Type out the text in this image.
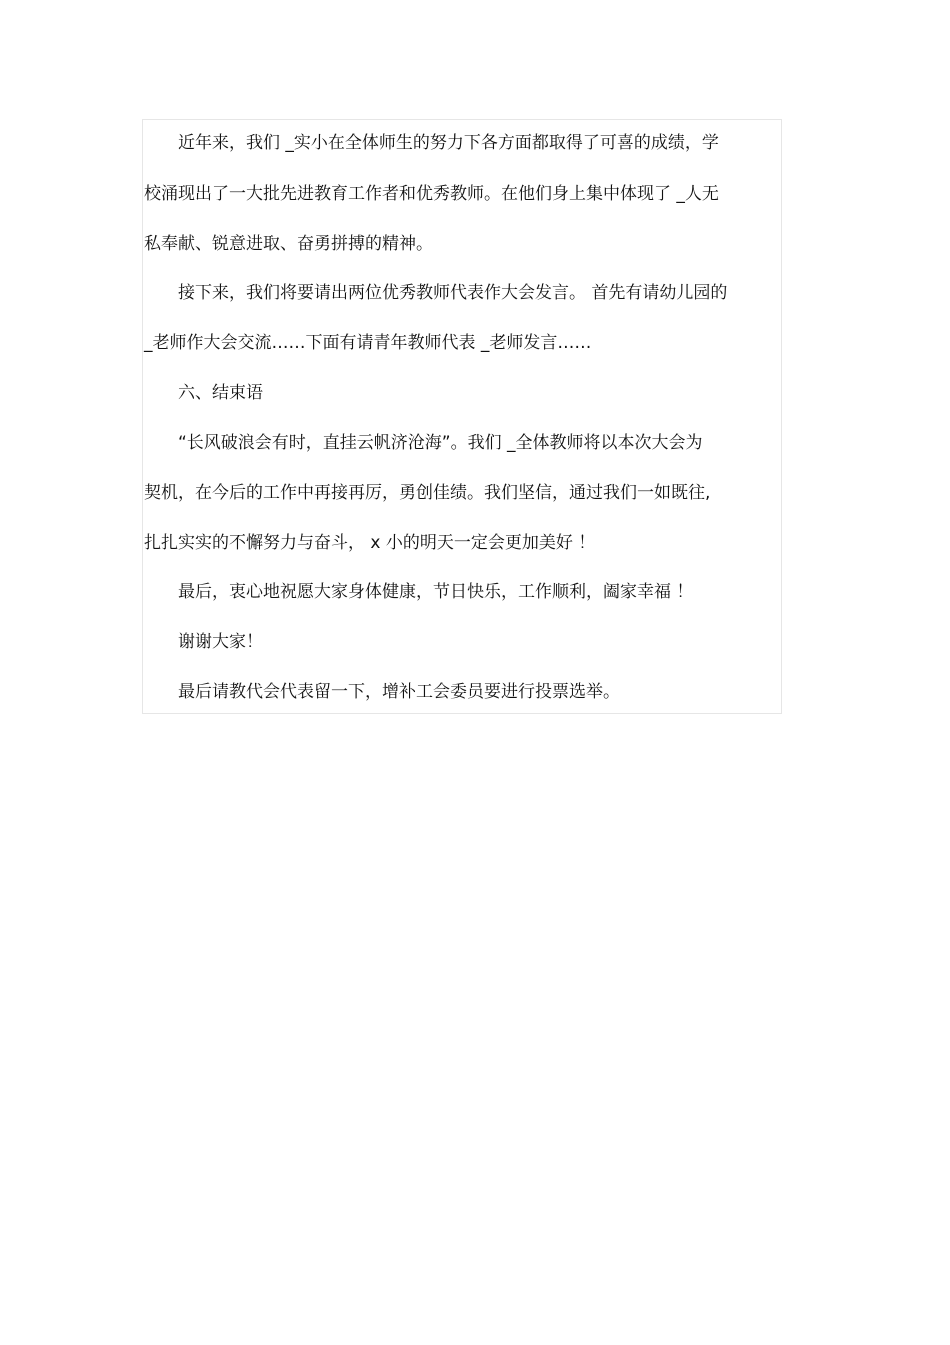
近年来，我们 _实小在全体师生的努力下各方面都取得了可喜的成绩，学
校涌现出了一大批先进教育工作者和优秀教师。在他们身上集中体现了 _人无
私奉献、锐意进取、奋勇拼搏的精神。
接下来，我们将要请出两位优秀教师代表作大会发言。 首先有请幼儿园的
_老师作大会交流……下面有请青年教师代表 _老师发言……
六、结束语
“长风破浪会有时，直挂云帆济沧海”。我们 _全体教师将以本次大会为
契机，在今后的工作中再接再厉，勇创佳绩。我们坚信，通过我们一如既往,
扎扎实实的不懈努力与奋斗， x 小的明天一定会更加美好 ！
最后，衷心地祝愿大家身体健康，节日快乐，工作顺利，阖家幸福 ！
谢谢大家！
最后请教代会代表留一下，增补工会委员要进行投票选举。
